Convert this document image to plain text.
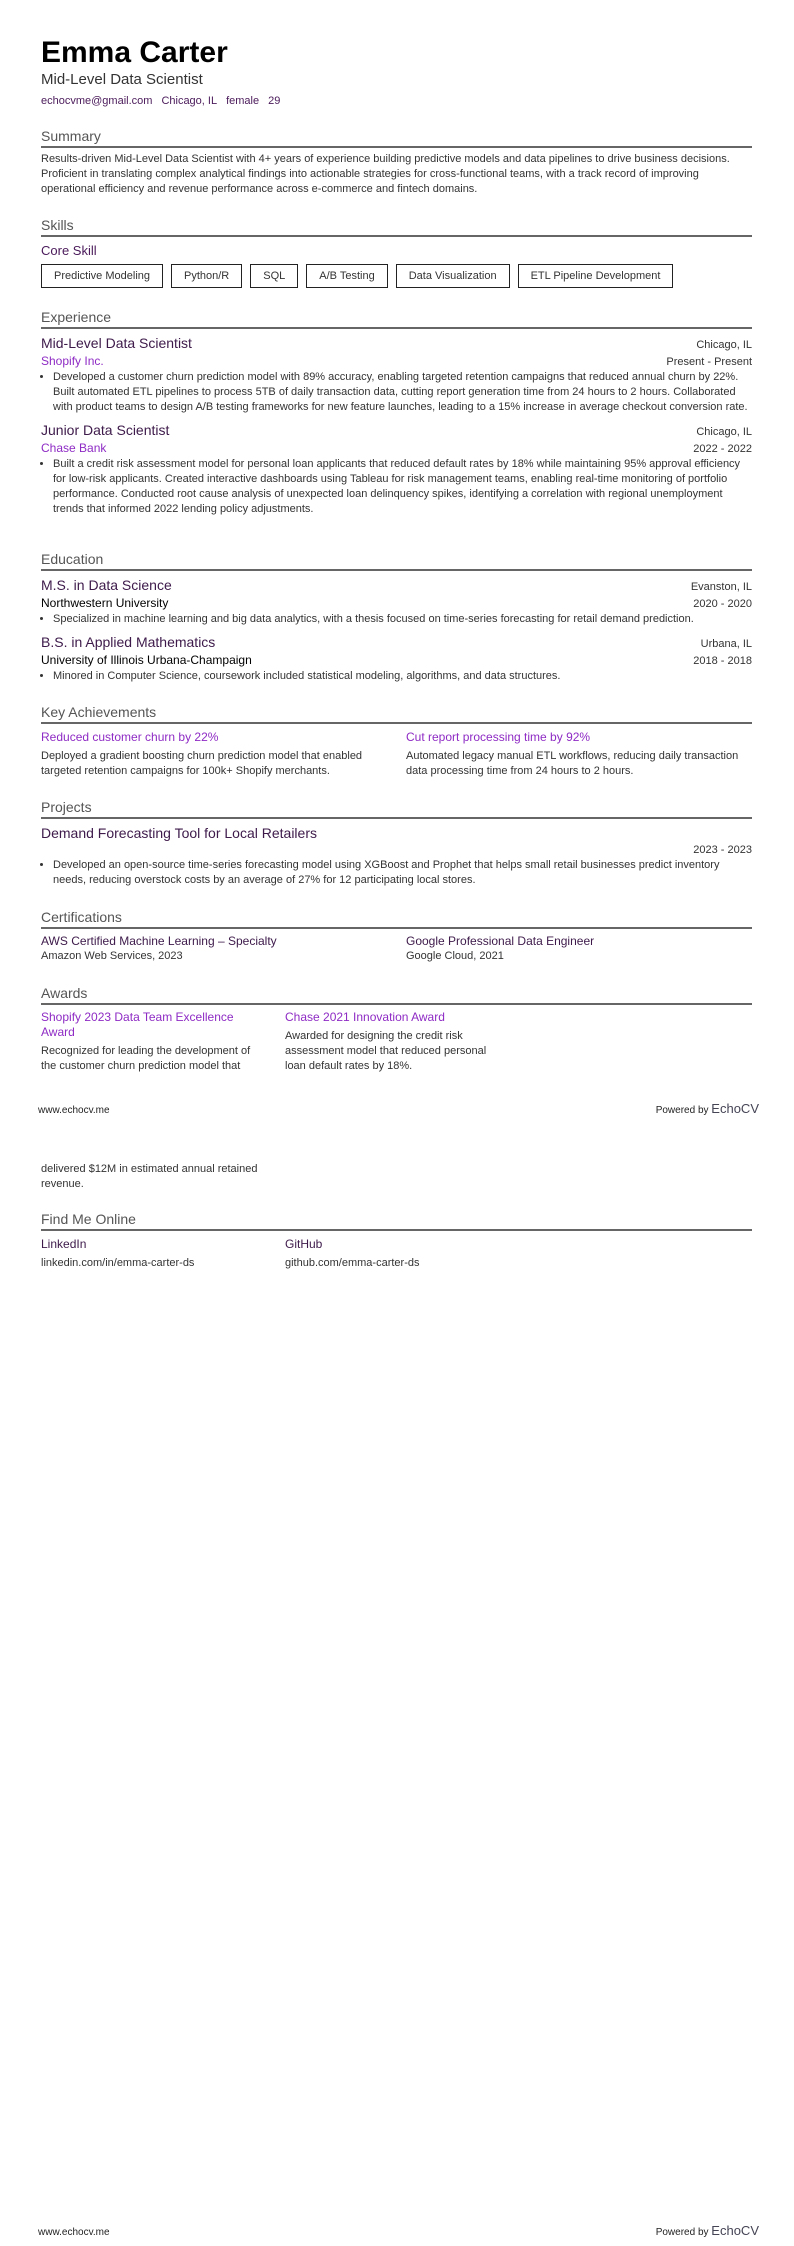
Emma Carter
Mid-Level Data Scientist
echocvme@gmail.com Chicago, IL female 29
Summary
Results-driven Mid-Level Data Scientist with 4+ years of experience building predictive models and data pipelines to drive business decisions. Proficient in translating complex analytical findings into actionable strategies for cross-functional teams, with a track record of improving operational efficiency and revenue performance across e-commerce and fintech domains.
Skills
Core Skill
Predictive Modeling	Python/R	SQL	A/B Testing	Data Visualization	ETL Pipeline Development
Experience
Mid-Level Data Scientist	Chicago, IL
Shopify Inc.	Present - Present
• Developed a customer churn prediction model with 89% accuracy, enabling targeted retention campaigns that reduced annual churn by 22%. Built automated ETL pipelines to process 5TB of daily transaction data, cutting report generation time from 24 hours to 2 hours. Collaborated with product teams to design A/B testing frameworks for new feature launches, leading to a 15% increase in average checkout conversion rate.
Junior Data Scientist	Chicago, IL
Chase Bank	2022 - 2022
• Built a credit risk assessment model for personal loan applicants that reduced default rates by 18% while maintaining 95% approval efficiency for low-risk applicants. Created interactive dashboards using Tableau for risk management teams, enabling real-time monitoring of portfolio performance. Conducted root cause analysis of unexpected loan delinquency spikes, identifying a correlation with regional unemployment trends that informed 2022 lending policy adjustments.
Education
M.S. in Data Science	Evanston, IL
Northwestern University	2020 - 2020
• Specialized in machine learning and big data analytics, with a thesis focused on time-series forecasting for retail demand prediction.
B.S. in Applied Mathematics	Urbana, IL
University of Illinois Urbana-Champaign	2018 - 2018
• Minored in Computer Science, coursework included statistical modeling, algorithms, and data structures.
Key Achievements
Reduced customer churn by 22%
Deployed a gradient boosting churn prediction model that enabled targeted retention campaigns for 100k+ Shopify merchants.
Cut report processing time by 92%
Automated legacy manual ETL workflows, reducing daily transaction data processing time from 24 hours to 2 hours.
Projects
Demand Forecasting Tool for Local Retailers
2023 - 2023
• Developed an open-source time-series forecasting model using XGBoost and Prophet that helps small retail businesses predict inventory needs, reducing overstock costs by an average of 27% for 12 participating local stores.
Certifications
AWS Certified Machine Learning – Specialty
Amazon Web Services, 2023
Google Professional Data Engineer
Google Cloud, 2021
Awards
Shopify 2023 Data Team Excellence Award
Recognized for leading the development of the customer churn prediction model that
Chase 2021 Innovation Award
Awarded for designing the credit risk assessment model that reduced personal loan default rates by 18%.
www.echocv.me	Powered by EchoCV
delivered $12M in estimated annual retained revenue.
Find Me Online
LinkedIn
linkedin.com/in/emma-carter-ds
GitHub
github.com/emma-carter-ds
www.echocv.me	Powered by EchoCV
